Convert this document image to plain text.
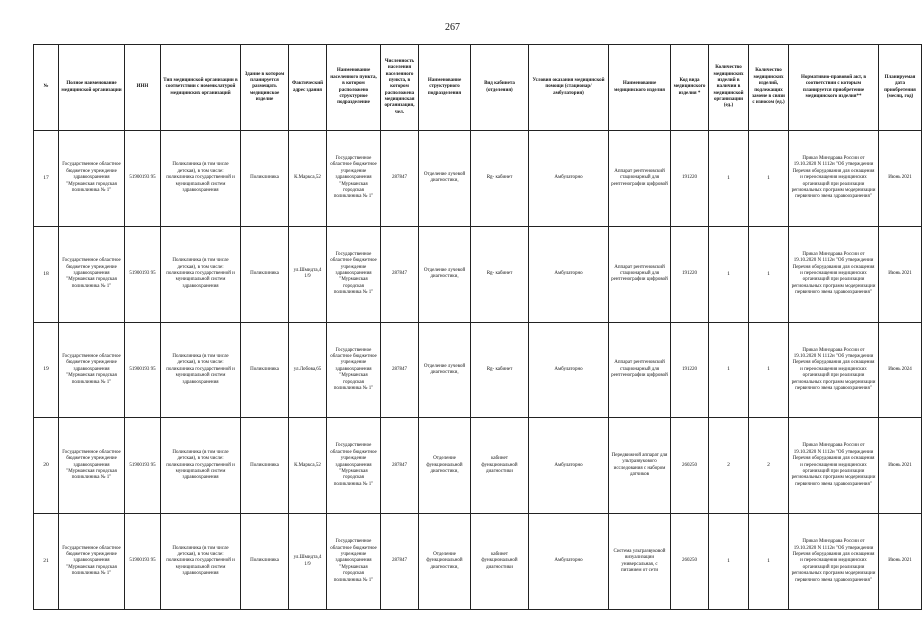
267
№	Полное наименование медицинской организации	ИНН	Тип медицинской организации в соответствии с номенклатурой медицинских организаций	Здание в котором планируется размещать медицинское изделие	Фактический адрес здания	Наименование населенного пункта, в котором расположено структурное подразделение	Численность населения населенного пункта, в котором расположена медицинская организация, чел.	Наименование структурного подразделения	Вид кабинета (отделения)	Условия оказания медицинской помощи (стационар/амбулатория)	Наименование медицинского изделия	Код вида медицинского изделия *	Количество медицинских изделий в наличии в медицинской организации (ед.)	Количество медицинских изделий, подлежащих замене в связи с износом (ед.)	Нормативно-правовой акт, в соответствии с которым планируется приобретение медицинского изделия**	Планируемая дата приобретения (месяц, год)
17	Государственное областное бюджетное учреждение здравоохранения "Мурманская городская поликлиника № 1"	51900193 95	Поликлиника (в том числе детская), в том числе: поликлиника государственной и муниципальной систем здравоохранения	Поликлиника	К.Маркса,52	Государственное областное бюджетное учреждение здравоохранения "Мурманская городская поликлиника № 1"	287847	Отделение лучевой диагностики,	Rg- кабинет	Амбулаторно	Аппарат рентгеновский стационарный для рентгенографии цифровой	191220	1	1	Приказ Минздрава России от 19.10.2020 N 1112н "Об утверждении Перечня оборудования для оснащения и переоснащения медицинских организаций при реализации региональных программ модернизации первичного звена здравоохранения"	Июнь 2021
18	Государственное областное бюджетное учреждение здравоохранения "Мурманская городская поликлиника № 1"	51900193 95	Поликлиника (в том числе детская), в том числе: поликлиника государственной и муниципальной систем здравоохранения	Поликлиника	ул.Шмидта,4 1/9	Государственное областное бюджетное учреждение здравоохранения "Мурманская городская поликлиника № 1"	287847	Отделение лучевой диагностики,	Rg- кабинет	Амбулаторно	Аппарат рентгеновский стационарный для рентгенографии цифровой	191220	1	1	Приказ Минздрава России от 19.10.2020 N 1112н "Об утверждении Перечня оборудования для оснащения и переоснащения медицинских организаций при реализации региональных программ модернизации первичного звена здравоохранения"	Июнь 2021
19	Государственное областное бюджетное учреждение здравоохранения "Мурманская городская поликлиника № 1"	51900193 95	Поликлиника (в том числе детская), в том числе: поликлиника государственной и муниципальной систем здравоохранения	Поликлиника	ул.Лобова,65	Государственное областное бюджетное учреждение здравоохранения "Мурманская городская поликлиника № 1"	287847	Отделение лучевой диагностики,	Rg- кабинет	Амбулаторно	Аппарат рентгеновский стационарный для рентгенографии цифровой	191220	1	1	Приказ Минздрава России от 19.10.2020 N 1112н "Об утверждении Перечня оборудования для оснащения и переоснащения медицинских организаций при реализации региональных программ модернизации первичного звена здравоохранения"	Июнь 2024
20	Государственное областное бюджетное учреждение здравоохранения "Мурманская городская поликлиника № 1"	51900193 95	Поликлиника (в том числе детская), в том числе: поликлиника государственной и муниципальной систем здравоохранения	Поликлиника	К.Маркса,52	Государственное областное бюджетное учреждение здравоохранения "Мурманская городская поликлиника № 1"	287847	Отделение функциональной диагностики,	кабинет функциональной диагностики	Амбулаторно	Передвижной аппарат для ультразвукового исследования с набором датчиков	260250	2	2	Приказ Минздрава России от 19.10.2020 N 1112н "Об утверждении Перечня оборудования для оснащения и переоснащения медицинских организаций при реализации региональных программ модернизации первичного звена здравоохранения"	Июнь 2021
21	Государственное областное бюджетное учреждение здравоохранения "Мурманская городская поликлиника № 1"	51900193 95	Поликлиника (в том числе детская), в том числе: поликлиника государственной и муниципальной систем здравоохранения	Поликлиника	ул.Шмидта,4 1/9	Государственное областное бюджетное учреждение здравоохранения "Мурманская городская поликлиника № 1"	287847	Отделение функциональной диагностики,	кабинет функциональной диагностики	Амбулаторно	Система ультразвуковой визуализации универсальная, с питанием от сети	260250	1	1	Приказ Минздрава России от 19.10.2020 N 1112н "Об утверждении Перечня оборудования для оснащения и переоснащения медицинских организаций при реализации региональных программ модернизации первичного звена здравоохранения"	Июнь 2021
